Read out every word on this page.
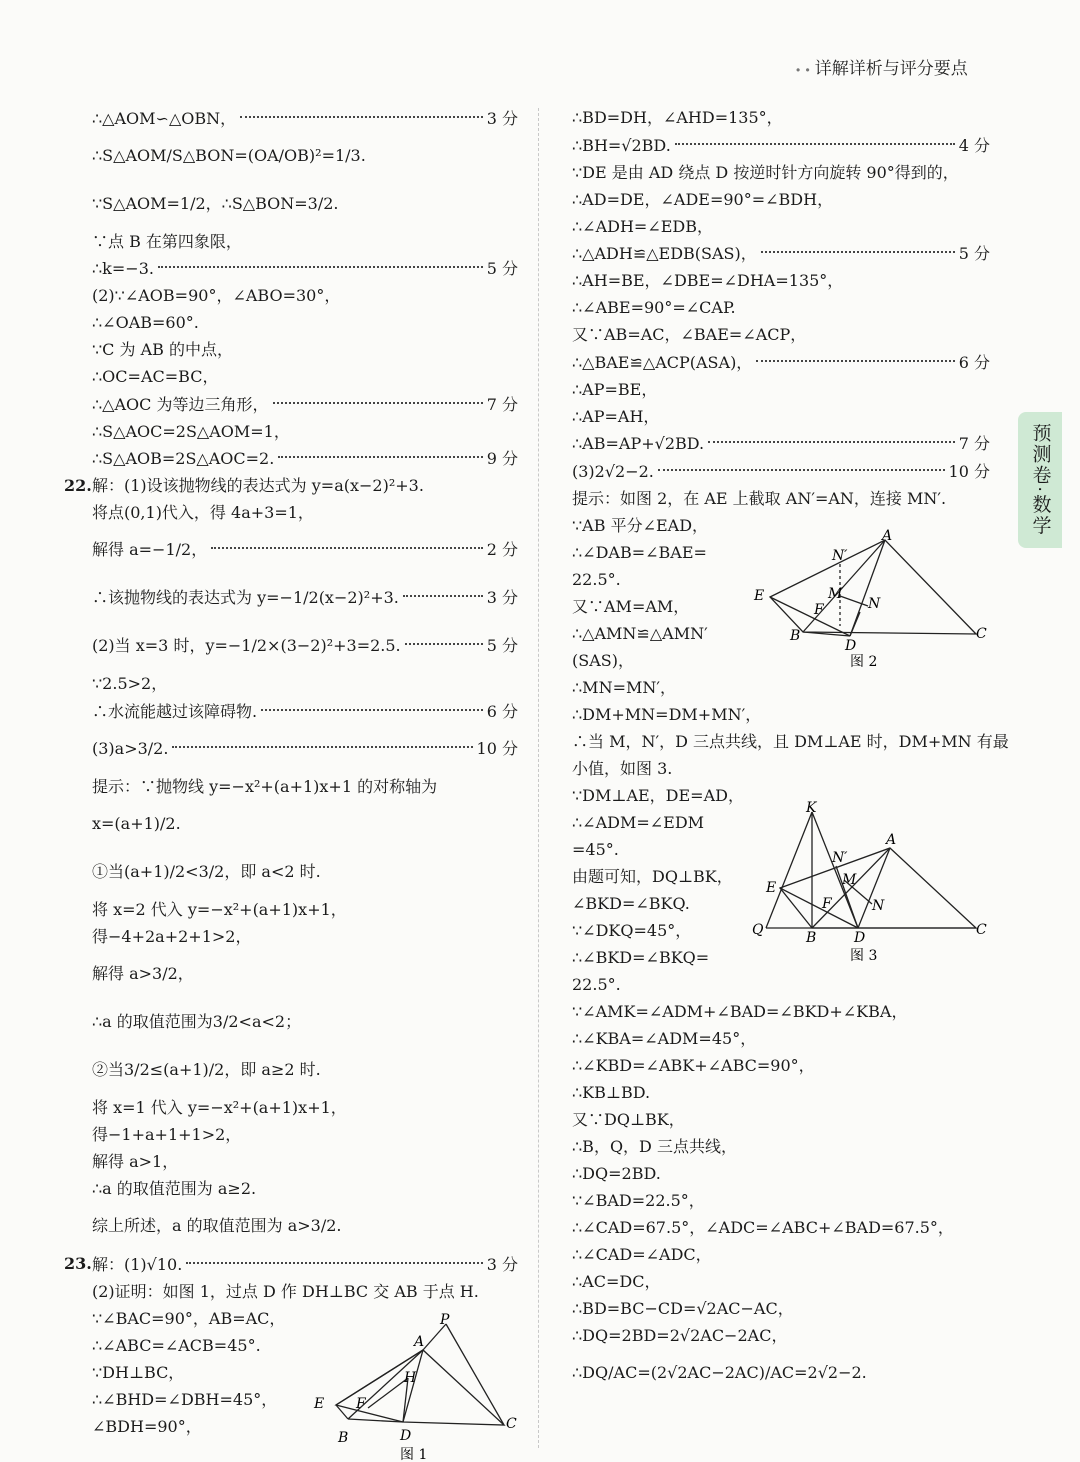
• • 详解详析与评分要点
预测卷·数学
∴△AOM∽△OBN，	3 分
∴S△AOM/S△BON=(OA/OB)²=1/3.
∵S△AOM=1/2，∴S△BON=3/2.
∵点 B 在第四象限，
∴k=−3.	5 分
(2)∵∠AOB=90°，∠ABO=30°，
∴∠OAB=60°.
∵C 为 AB 的中点，
∴OC=AC=BC，
∴△AOC 为等边三角形，	7 分
∴S△AOC=2S△AOM=1，
∴S△AOB=2S△AOC=2.	9 分
22. 解：(1)设该抛物线的表达式为 y=a(x−2)²+3.
将点(0,1)代入，得 4a+3=1，
解得 a=−1/2，	2 分
∴该抛物线的表达式为 y=−1/2(x−2)²+3.	3 分
(2)当 x=3 时，y=−1/2×(3−2)²+3=2.5.	5 分
∵2.5>2，
∴水流能越过该障碍物.	6 分
(3)a>3/2.	10 分
提示：∵抛物线 y=−x²+(a+1)x+1 的对称轴为
x=(a+1)/2.
①当(a+1)/2<3/2，即 a<2 时.
将 x=2 代入 y=−x²+(a+1)x+1，
得−4+2a+2+1>2，
解得 a>3/2，
∴a 的取值范围为3/2<a<2；
②当3/2≤(a+1)/2，即 a≥2 时.
将 x=1 代入 y=−x²+(a+1)x+1，
得−1+a+1+1>2，
解得 a>1，
∴a 的取值范围为 a≥2.
综上所述，a 的取值范围为 a>3/2.
23. 解：(1)√10.	3 分
(2)证明：如图 1，过点 D 作 DH⊥BC 交 AB 于点 H.
∵∠BAC=90°，AB=AC，
∴∠ABC=∠ACB=45°.
∵DH⊥BC，
∴∠BHD=∠DBH=45°，
∠BDH=90°，
∴BD=DH，∠AHD=135°，
∴BH=√2BD.	4 分
∵DE 是由 AD 绕点 D 按逆时针方向旋转 90°得到的，
∴AD=DE，∠ADE=90°=∠BDH，
∴∠ADH=∠EDB，
∴△ADH≌△EDB(SAS)，	5 分
∴AH=BE，∠DBE=∠DHA=135°，
∴∠ABE=90°=∠CAP.
又∵AB=AC，∠BAE=∠ACP，
∴△BAE≌△ACP(ASA)，	6 分
∴AP=BE，
∴AP=AH，
∴AB=AP+√2BD.	7 分
(3)2√2−2.	10 分
提示：如图 2，在 AE 上截取 AN′=AN，连接 MN′.
∵AB 平分∠EAD，
∴∠DAB=∠BAE=
22.5°.
又∵AM=AM，
∴△AMN≌△AMN′
(SAS)，
∴MN=MN′，
∴DM+MN=DM+MN′，
∴当 M，N′，D 三点共线，且 DM⊥AE 时，DM+MN 有最
小值，如图 3.
∵DM⊥AE，DE=AD，
∴∠ADM=∠EDM
=45°.
由题可知，DQ⊥BK，
∠BKD=∠BKQ.
∵∠DKQ=45°，
∴∠BKD=∠BKQ=
22.5°.
∵∠AMK=∠ADM+∠BAD=∠BKD+∠KBA，
∴∠KBA=∠ADM=45°，
∴∠KBD=∠ABK+∠ABC=90°，
∴KB⊥BD.
又∵DQ⊥BK，
∴B，Q，D 三点共线，
∴DQ=2BD.
∵∠BAD=22.5°，
∴∠CAD=67.5°，∠ADC=∠ABC+∠BAD=67.5°，
∴∠CAD=∠ADC，
∴AC=DC，
∴BD=BC−CD=√2AC−AC，
∴DQ=2BD=2√2AC−2AC，
∴DQ/AC=(2√2AC−2AC)/AC=2√2−2.
P
A
H
E F
D
B
C
图 1
N′
A
M
E
F	N
B
D
C
图 2
K
A
N′
M
E
F	N
Q	B	D	C
图 3
